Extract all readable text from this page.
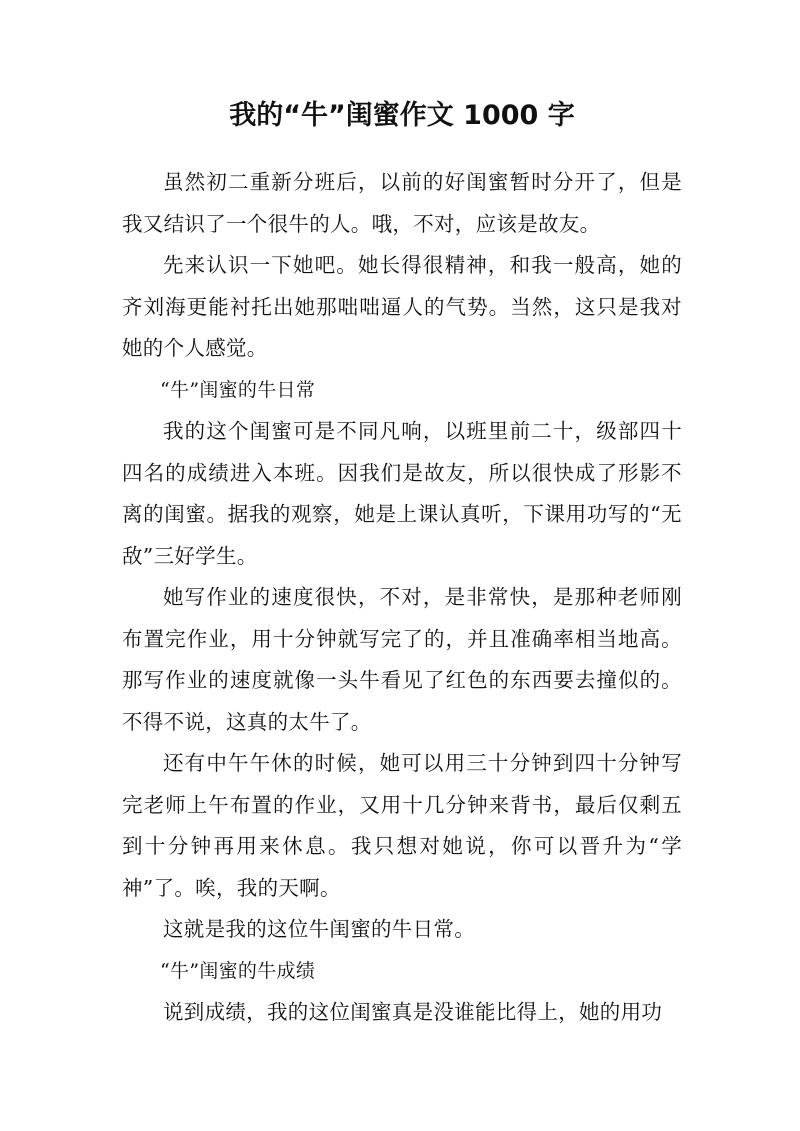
我的“牛”闺蜜作文 1000 字

虽然初二重新分班后，以前的好闺蜜暂时分开了，但是我又结识了一个很牛的人。哦，不对，应该是故友。

先来认识一下她吧。她长得很精神，和我一般高，她的齐刘海更能衬托出她那咄咄逼人的气势。当然，这只是我对她的个人感觉。

“牛”闺蜜的牛日常

我的这个闺蜜可是不同凡响，以班里前二十，级部四十四名的成绩进入本班。因我们是故友，所以很快成了形影不离的闺蜜。据我的观察，她是上课认真听，下课用功写的“无敌”三好学生。

她写作业的速度很快，不对，是非常快，是那种老师刚布置完作业，用十分钟就写完了的，并且准确率相当地高。那写作业的速度就像一头牛看见了红色的东西要去撞似的。不得不说，这真的太牛了。

还有中午午休的时候，她可以用三十分钟到四十分钟写完老师上午布置的作业，又用十几分钟来背书，最后仅剩五到十分钟再用来休息。我只想对她说，你可以晋升为“学神”了。唉，我的天啊。

这就是我的这位牛闺蜜的牛日常。

“牛”闺蜜的牛成绩

说到成绩，我的这位闺蜜真是没谁能比得上，她的用功
